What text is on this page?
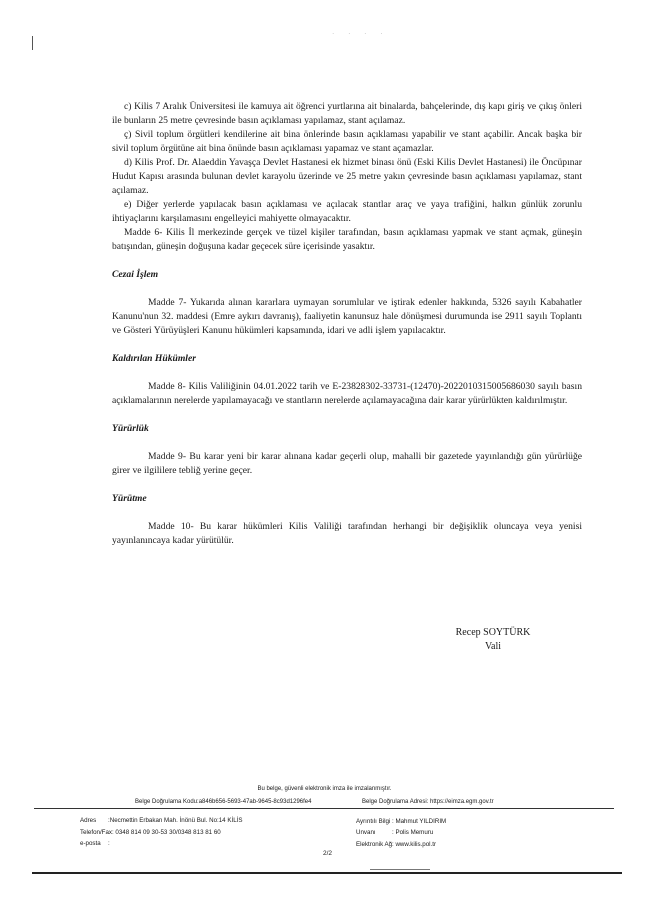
· · · ·

c) Kilis 7 Aralık Üniversitesi ile kamuya ait öğrenci yurtlarına ait binalarda, bahçelerinde, dış kapı giriş ve çıkış önleri ile bunların 25 metre çevresinde basın açıklaması yapılamaz, stant açılamaz.

ç) Sivil toplum örgütleri kendilerine ait bina önlerinde basın açıklaması yapabilir ve stant açabilir. Ancak başka bir sivil toplum örgütüne ait bina önünde basın açıklaması yapamaz ve stant açamazlar.

d) Kilis Prof. Dr. Alaeddin Yavaşça Devlet Hastanesi ek hizmet binası önü (Eski Kilis Devlet Hastanesi) ile Öncüpınar Hudut Kapısı arasında bulunan devlet karayolu üzerinde ve 25 metre yakın çevresinde basın açıklaması yapılamaz, stant açılamaz.

e) Diğer yerlerde yapılacak basın açıklaması ve açılacak stantlar araç ve yaya trafiğini, halkın günlük zorunlu ihtiyaçlarını karşılamasını engelleyici mahiyette olmayacaktır.

Madde 6- Kilis İl merkezinde gerçek ve tüzel kişiler tarafından, basın açıklaması yapmak ve stant açmak, güneşin batışından, güneşin doğuşuna kadar geçecek süre içerisinde yasaktır.

Cezai İşlem

Madde 7- Yukarıda alınan kararlara uymayan sorumlular ve iştirak edenler hakkında, 5326 sayılı Kabahatler Kanunu'nun 32. maddesi (Emre aykırı davranış), faaliyetin kanunsuz hale dönüşmesi durumunda ise 2911 sayılı Toplantı ve Gösteri Yürüyüşleri Kanunu hükümleri kapsamında, idari ve adli işlem yapılacaktır.

Kaldırılan Hükümler

Madde 8- Kilis Valiliğinin 04.01.2022 tarih ve E-23828302-33731-(12470)-20220103150056860​30 sayılı basın açıklamalarının nerelerde yapılamayacağı ve stantların nerelerde açılamayacağına dair karar yürürlükten kaldırılmıştır.

Yürürlük

Madde 9- Bu karar yeni bir karar alınana kadar geçerli olup, mahalli bir gazetede yayınlandığı gün yürürlüğe girer ve ilgililere tebliğ yerine geçer.

Yürütme

Madde 10- Bu karar hükümleri Kilis Valiliği tarafından herhangi bir değişiklik oluncaya veya yenisi yayınlanıncaya kadar yürütülür.

Recep SOYTÜRK
Vali
Bu belge, güvenli elektronik imza ile imzalanmıştır.
Belge Doğrulama Kodu:a846b656-5693-47ab-9645-8c93d1296fe4	Belge Doğrulama Adresi: https://eimza.egm.gov.tr
Adres :Necmettin Erbakan Mah. İnönü Bul. No:14 KİLİS
Telefon/Fax: 0348 814 09 30-53 30/0348 813 81 60
e-posta :
Ayrıntılı Bilgi : Mahmut YILDIRIM
Unvanı	: Polis Memuru
Elektronik Ağ: www.kilis.pol.tr
2/2
